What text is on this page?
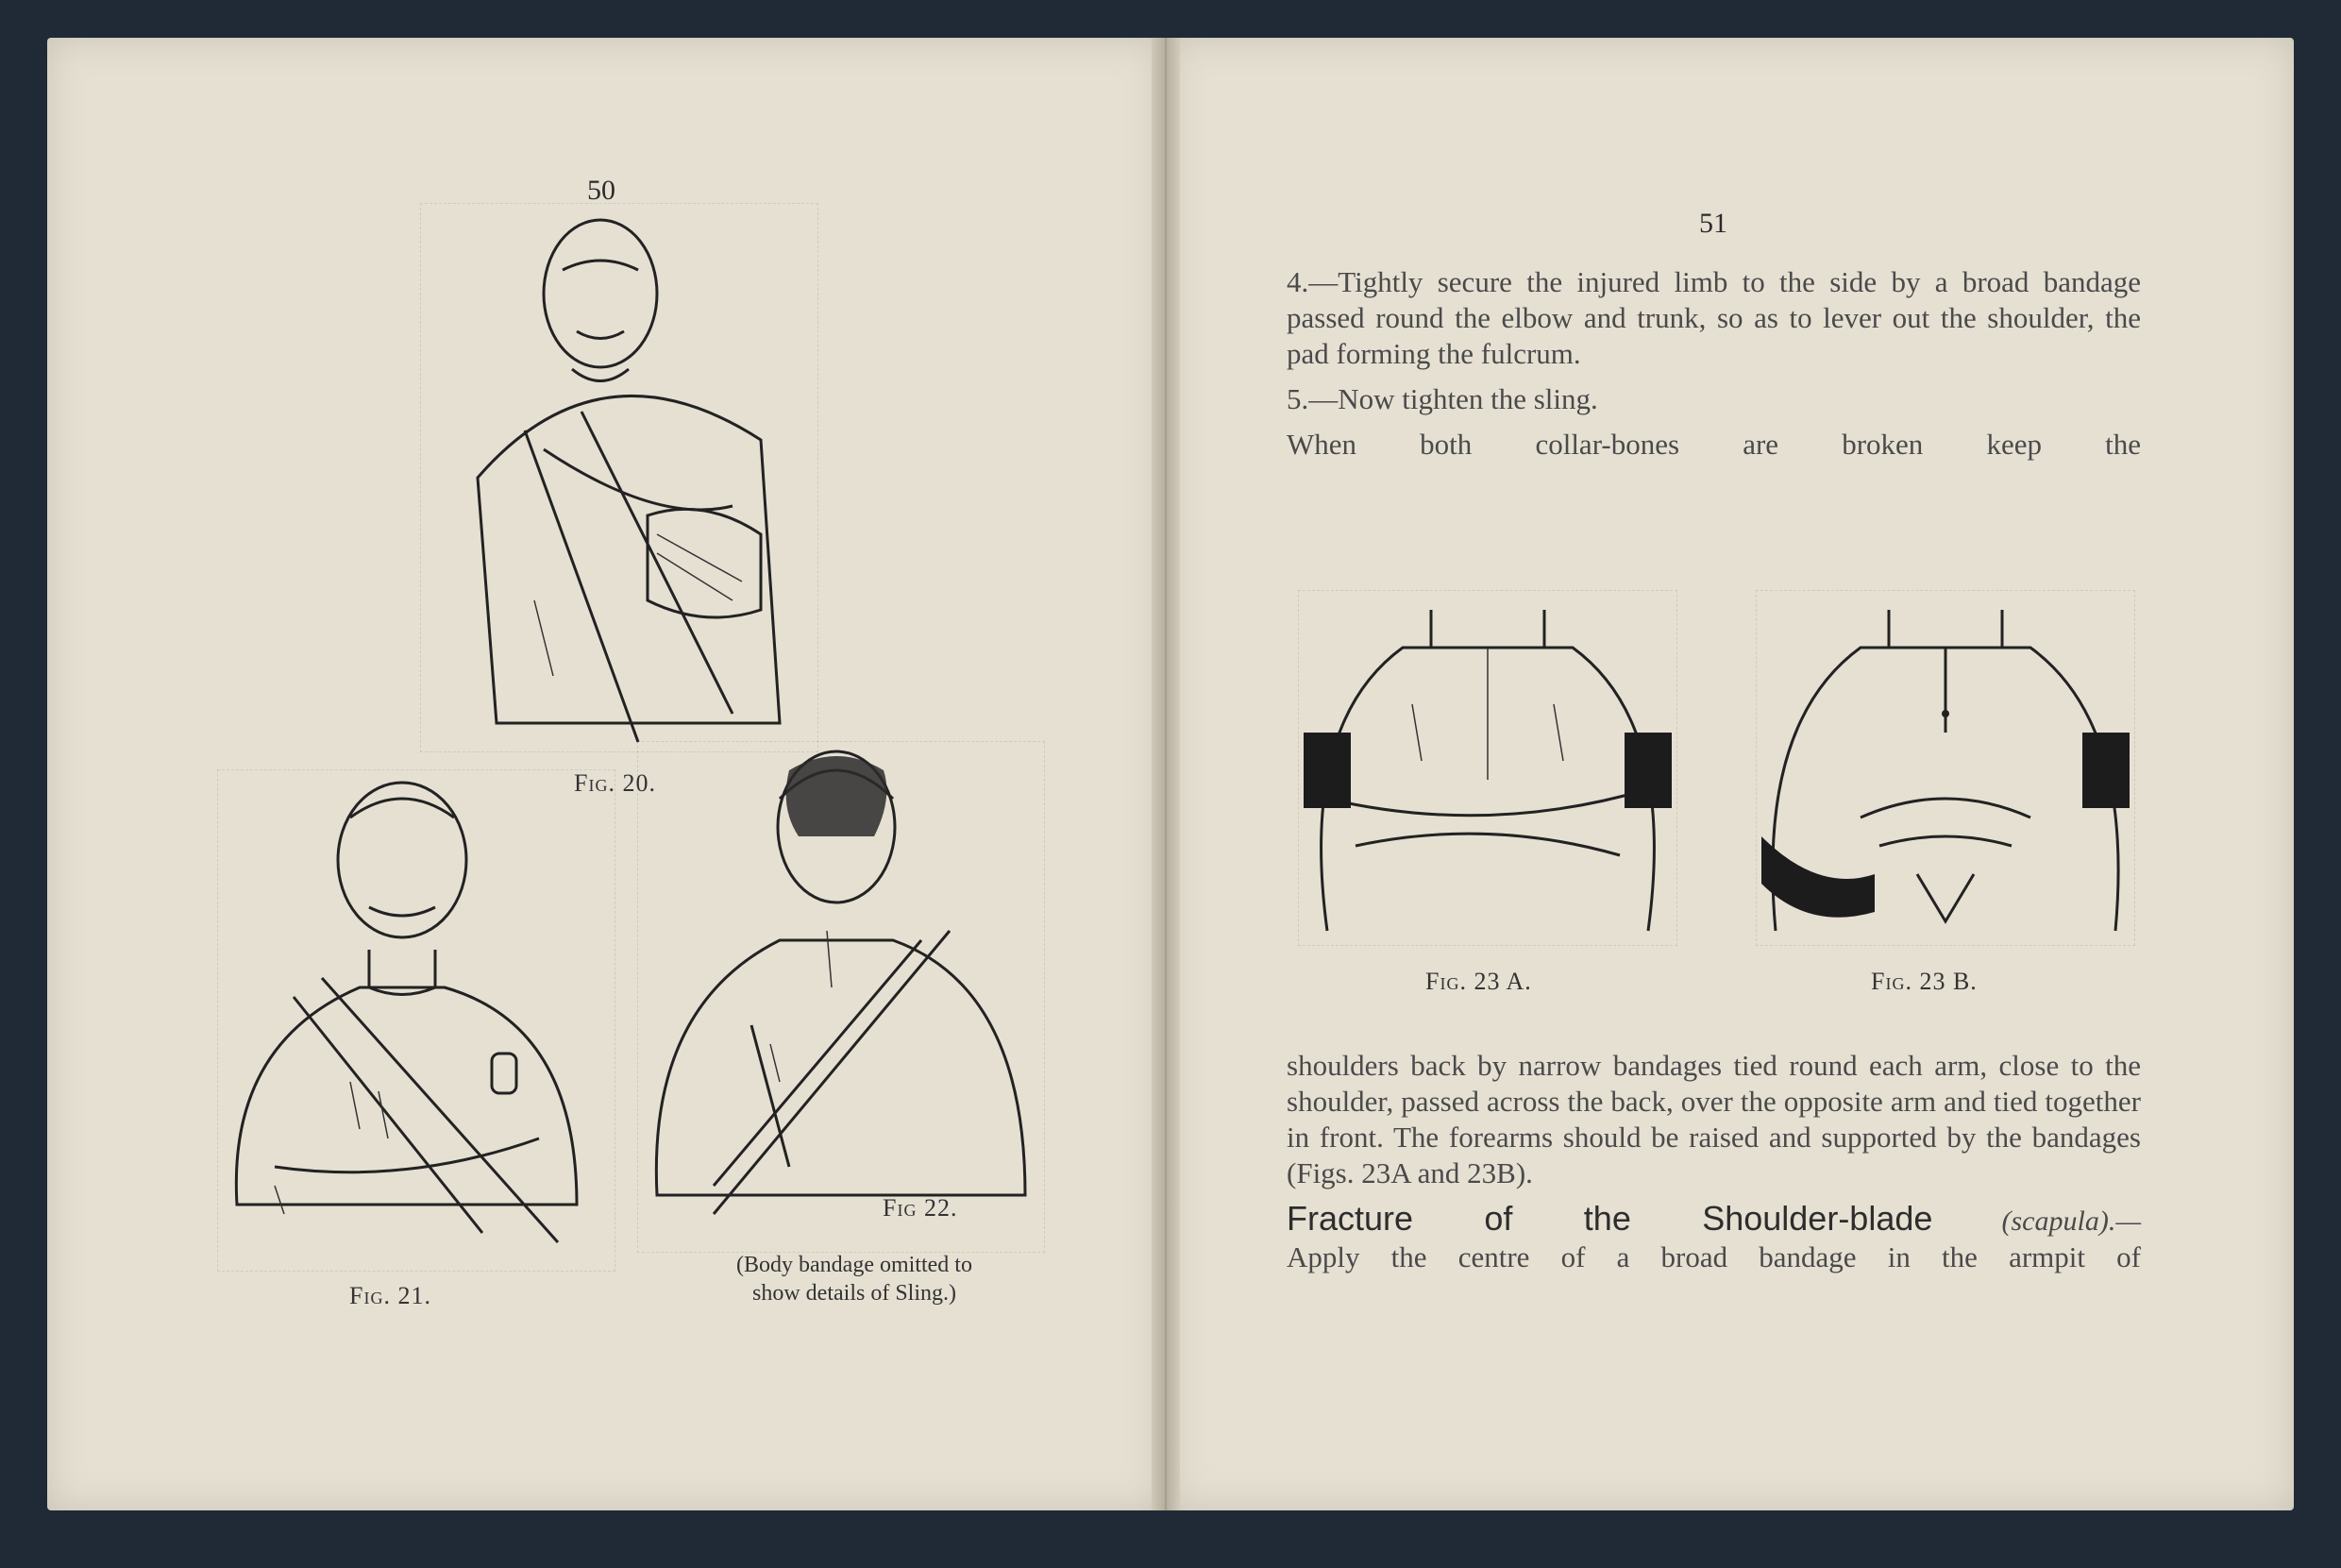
50
Fig. 20.
Fig. 21.
Fig 22.
(Body bandage omitted to
show details of Sling.)
51

4.—Tightly secure the injured limb to the side by a broad bandage passed round the elbow and trunk, so as to lever out the shoulder, the pad forming the fulcrum.

5.—Now tighten the sling.

When both collar-bones are broken keep the

Fig. 23 A.	Fig. 23 B.

shoulders back by narrow bandages tied round each arm, close to the shoulder, passed across the back, over the opposite arm and tied together in front. The forearms should be raised and supported by the bandages (Figs. 23A and 23B).

Fracture of the Shoulder-blade (scapula).—

Apply the centre of a broad bandage in the armpit of
